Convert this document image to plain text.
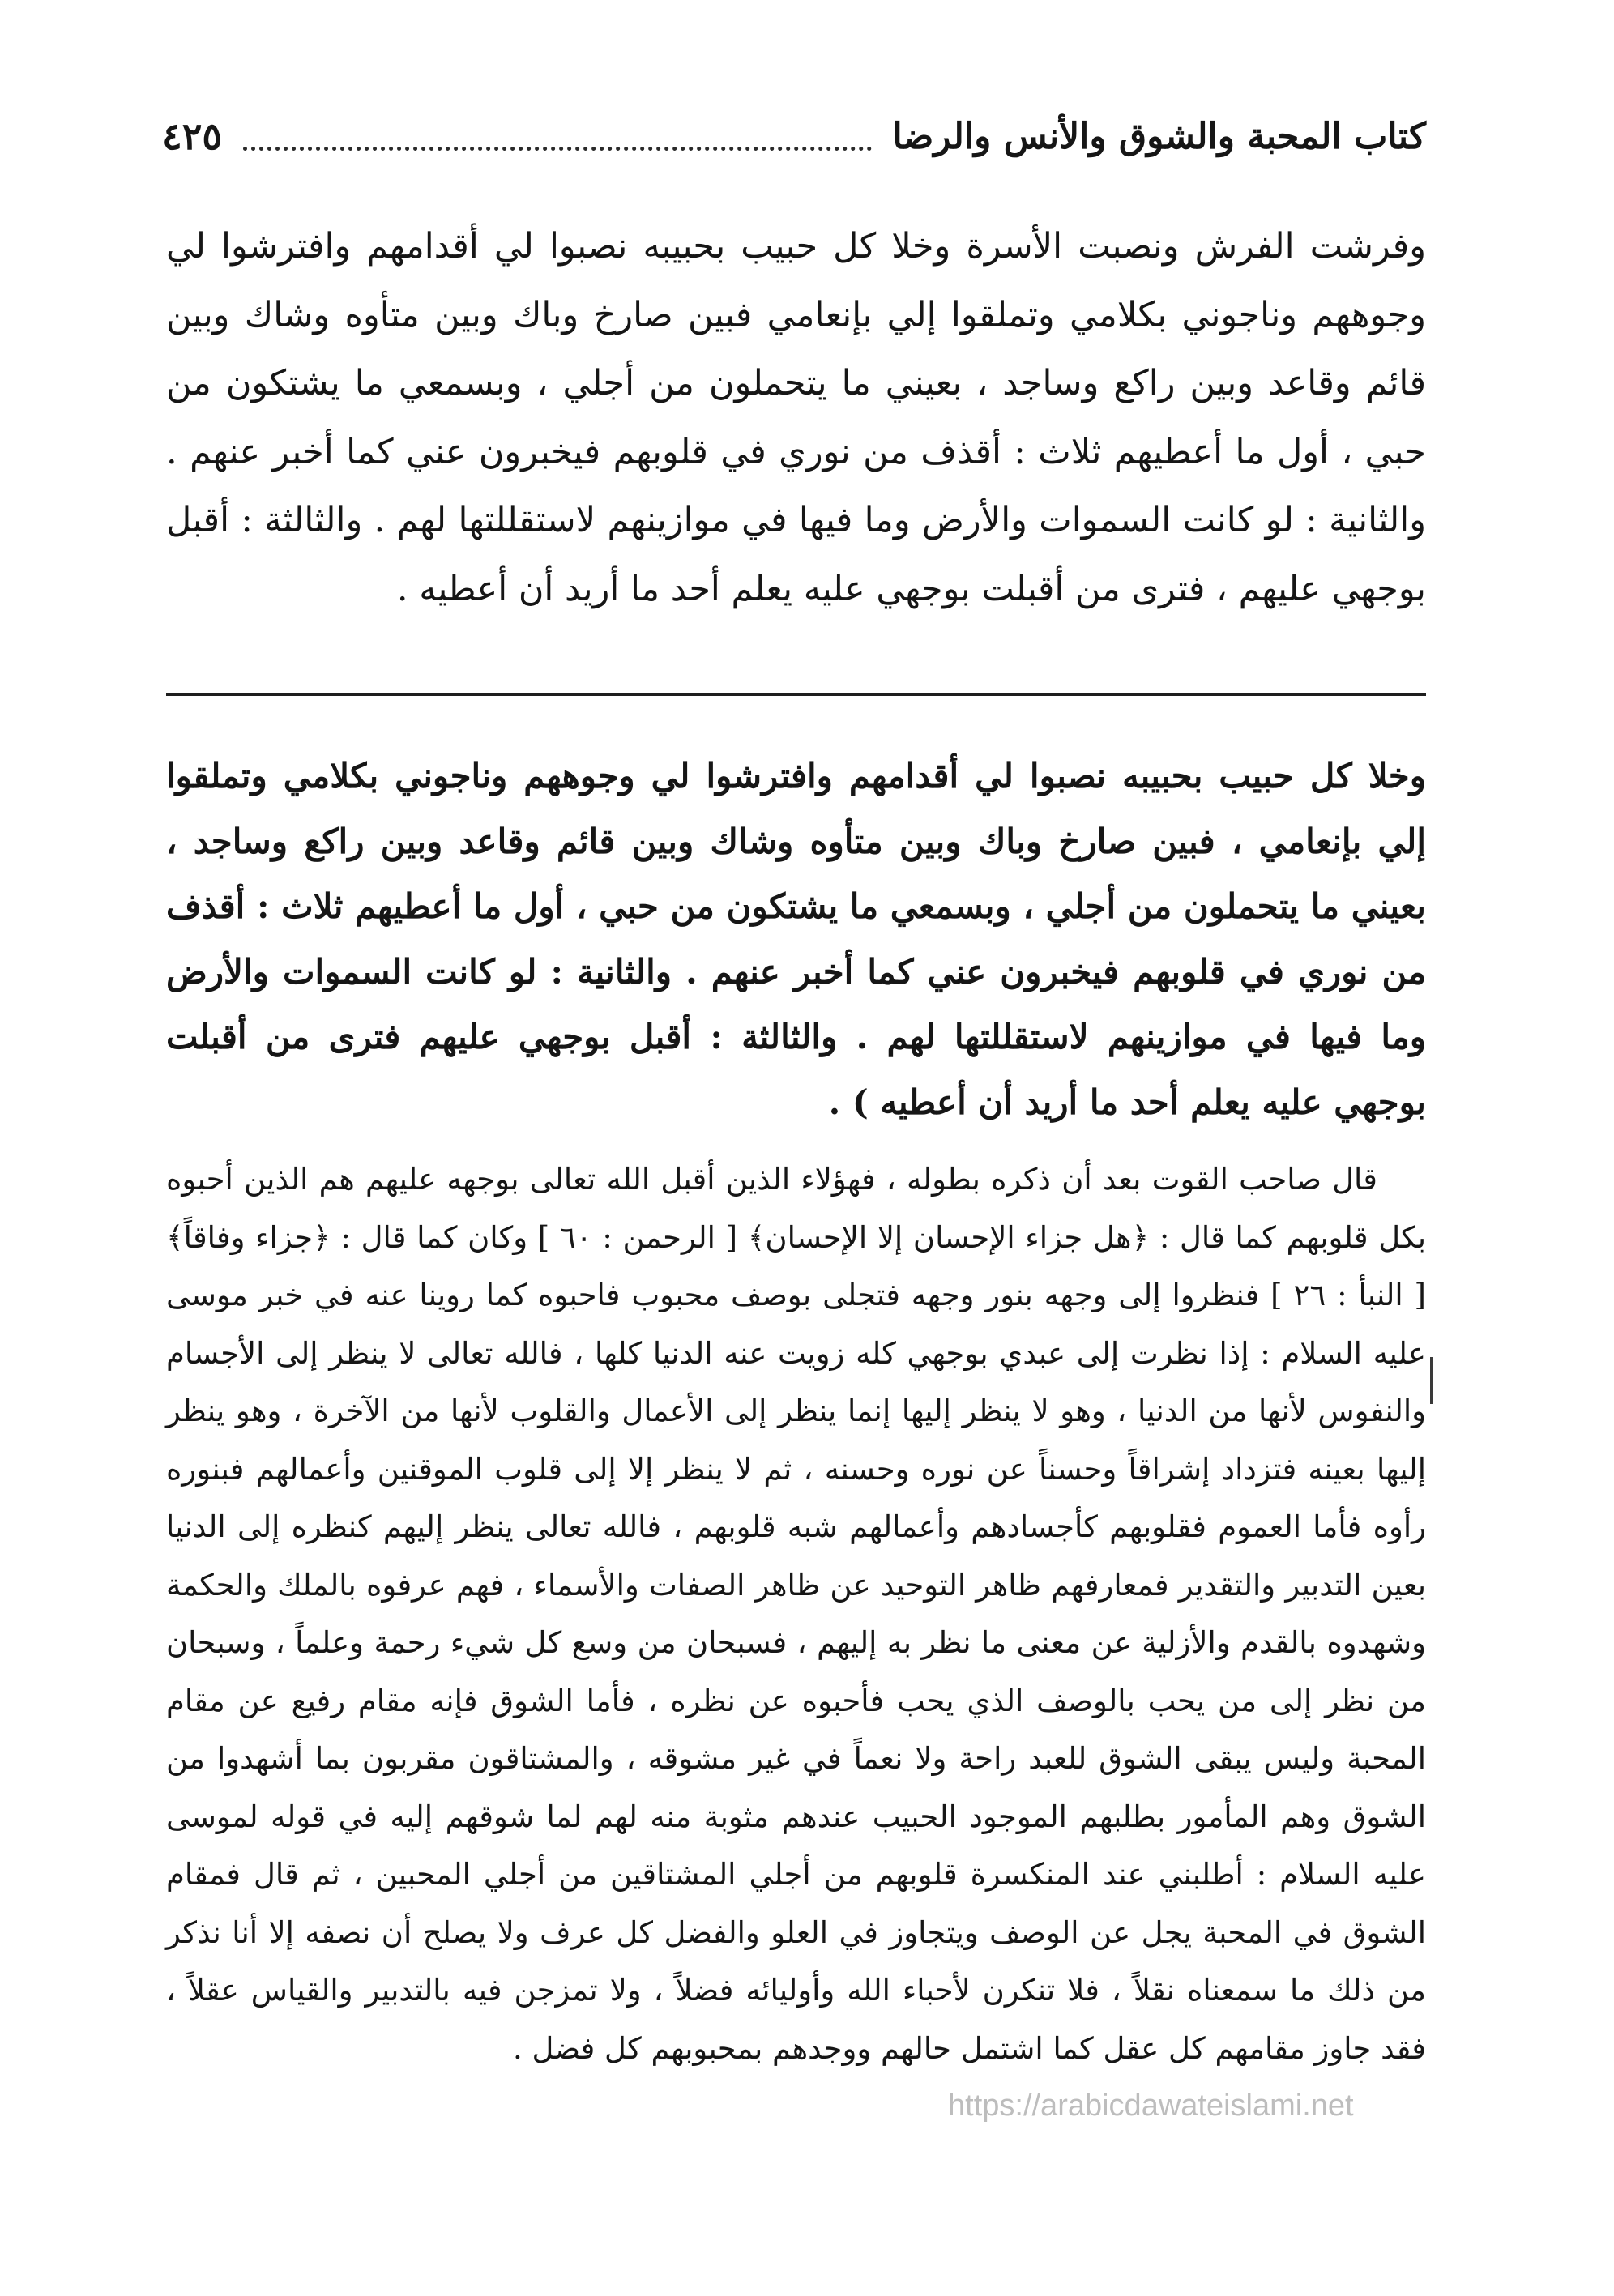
كتاب المحبة والشوق والأنس والرضا
٤٢٥

وفرشت الفرش ونصبت الأسرة وخلا كل حبيب بحبيبه نصبوا لي أقدامهم وافترشوا لي وجوههم وناجوني بكلامي وتملقوا إلي بإنعامي فبين صارخ وباك وبين متأوه وشاك وبين قائم وقاعد وبين راكع وساجد ، بعيني ما يتحملون من أجلي ، وبسمعي ما يشتكون من حبي ، أول ما أعطيهم ثلاث : أقذف من نوري في قلوبهم فيخبرون عني كما أخبر عنهم . والثانية : لو كانت السموات والأرض وما فيها في موازينهم لاستقللتها لهم . والثالثة : أقبل بوجهي عليهم ، فترى من أقبلت بوجهي عليه يعلم أحد ما أريد أن أعطيه .

وخلا كل حبيب بحبيبه نصبوا لي أقدامهم وافترشوا لي وجوههم وناجوني بكلامي وتملقوا إلي بإنعامي ، فبين صارخ وباك وبين متأوه وشاك وبين قائم وقاعد وبين راكع وساجد ، بعيني ما يتحملون من أجلي ، وبسمعي ما يشتكون من حبي ، أول ما أعطيهم ثلاث : أقذف من نوري في قلوبهم فيخبرون عني كما أخبر عنهم . والثانية : لو كانت السموات والأرض وما فيها في موازينهم لاستقللتها لهم . والثالثة : أقبل بوجهي عليهم فترى من أقبلت بوجهي عليه يعلم أحد ما أريد أن أعطيه ) .

قال صاحب القوت بعد أن ذكره بطوله ، فهؤلاء الذين أقبل الله تعالى بوجهه عليهم هم الذين أحبوه بكل قلوبهم كما قال : ﴿هل جزاء الإحسان إلا الإحسان﴾ [ الرحمن : ٦٠ ] وكان كما قال : ﴿جزاء وفاقاً﴾ [ النبأ : ٢٦ ] فنظروا إلى وجهه بنور وجهه فتجلى بوصف محبوب فاحبوه كما روينا عنه في خبر موسى عليه السلام : إذا نظرت إلى عبدي بوجهي كله زويت عنه الدنيا كلها ، فالله تعالى لا ينظر إلى الأجسام والنفوس لأنها من الدنيا ، وهو لا ينظر إليها إنما ينظر إلى الأعمال والقلوب لأنها من الآخرة ، وهو ينظر إليها بعينه فتزداد إشراقاً وحسناً عن نوره وحسنه ، ثم لا ينظر إلا إلى قلوب الموقنين وأعمالهم فبنوره رأوه فأما العموم فقلوبهم كأجسادهم وأعمالهم شبه قلوبهم ، فالله تعالى ينظر إليهم كنظره إلى الدنيا بعين التدبير والتقدير فمعارفهم ظاهر التوحيد عن ظاهر الصفات والأسماء ، فهم عرفوه بالملك والحكمة وشهدوه بالقدم والأزلية عن معنى ما نظر به إليهم ، فسبحان من وسع كل شيء رحمة وعلماً ، وسبحان من نظر إلى من يحب بالوصف الذي يحب فأحبوه عن نظره ، فأما الشوق فإنه مقام رفيع عن مقام المحبة وليس يبقى الشوق للعبد راحة ولا نعماً في غير مشوقه ، والمشتاقون مقربون بما أشهدوا من الشوق وهم المأمور بطلبهم الموجود الحبيب عندهم مثوبة منه لهم لما شوقهم إليه في قوله لموسى عليه السلام : أطلبني عند المنكسرة قلوبهم من أجلي المشتاقين من أجلي المحبين ، ثم قال فمقام الشوق في المحبة يجل عن الوصف ويتجاوز في العلو والفضل كل عرف ولا يصلح أن نصفه إلا أنا نذكر من ذلك ما سمعناه نقلاً ، فلا تنكرن لأحباء الله وأوليائه فضلاً ، ولا تمزجن فيه بالتدبير والقياس عقلاً ، فقد جاوز مقامهم كل عقل كما اشتمل حالهم ووجدهم بمحبوبهم كل فضل .

https://arabicdawateislami.net
